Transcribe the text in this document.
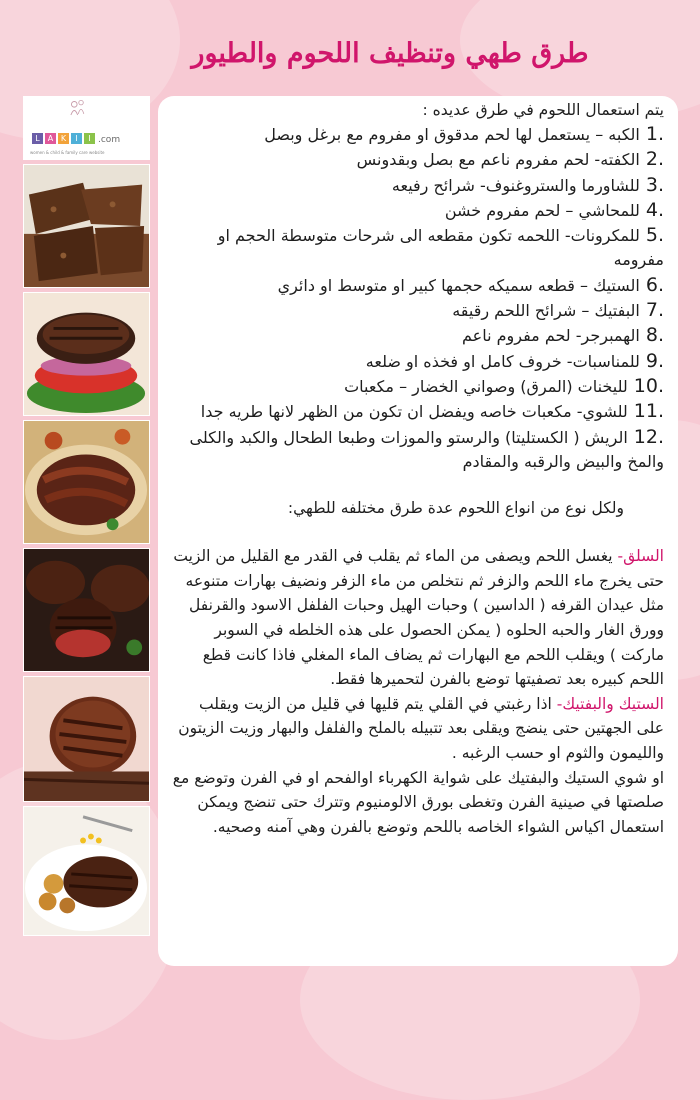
طرق طهي وتنظيف اللحوم والطيور
L	A K	I	I .com
women & child & family care website
يتم استعمال اللحوم في طرق عديده :
.1الكبه – يستعمل لها لحم مدقوق او مفروم مع برغل وبصل
.2الكفته- لحم مفروم ناعم مع بصل وبقدونس
.3للشاورما والستروغنوف- شرائح رفيعه
.4للمحاشي – لحم مفروم خشن
.5للمكرونات- اللحمه تكون مقطعه الى شرحات متوسطة الحجم او مفرومه
.6الستيك – قطعه سميكه حجمها كبير او متوسط او دائري
.7البفتيك – شرائح اللحم رقيقه
.8الهمبرجر- لحم مفروم ناعم
.9للمناسبات- خروف كامل او فخذه او ضلعه
.10لليخنات (المرق) وصواني الخضار – مكعبات
.11للشوي- مكعبات خاصه ويفضل ان تكون من الظهر لانها طريه جدا
.12الريش ( الكستليتا) والرستو والموزات وطبعا الطحال والكبد والكلى والمخ والبيض والرقبه والمقادم
ولكل نوع من انواع اللحوم عدة طرق مختلفه للطهي:

السلق- يغسل اللحم ويصفى من الماء ثم يقلب في القدر مع القليل من الزيت حتى يخرج ماء اللحم والزفر ثم نتخلص من ماء الزفر ونضيف بهارات متنوعه مثل عيدان القرفه ( الداسين ) وحبات الهيل وحبات الفلفل الاسود والقرنفل وورق الغار والحبه الحلوه ( يمكن الحصول على هذه الخلطه في السوبر ماركت ) ويقلب اللحم مع البهارات ثم يضاف الماء المغلي فاذا كانت قطع اللحم كبيره بعد تصفيتها توضع بالفرن لتحميرها فقط.

الستيك والبفتيك- اذا رغبتي في القلي يتم قليها في قليل من الزيت ويقلب على الجهتين حتى ينضج ويقلى بعد تتبيله بالملح والفلفل والبهار وزيت الزيتون والليمون والثوم او حسب الرغبه .

او شوي الستيك والبفتيك على شواية الكهرباء اوالفحم او في الفرن وتوضع مع صلصتها في صينية الفرن وتغطى بورق الالومنيوم وتترك حتى تنضج ويمكن استعمال اكياس الشواء الخاصه باللحم وتوضع بالفرن وهي آمنه وصحيه.
